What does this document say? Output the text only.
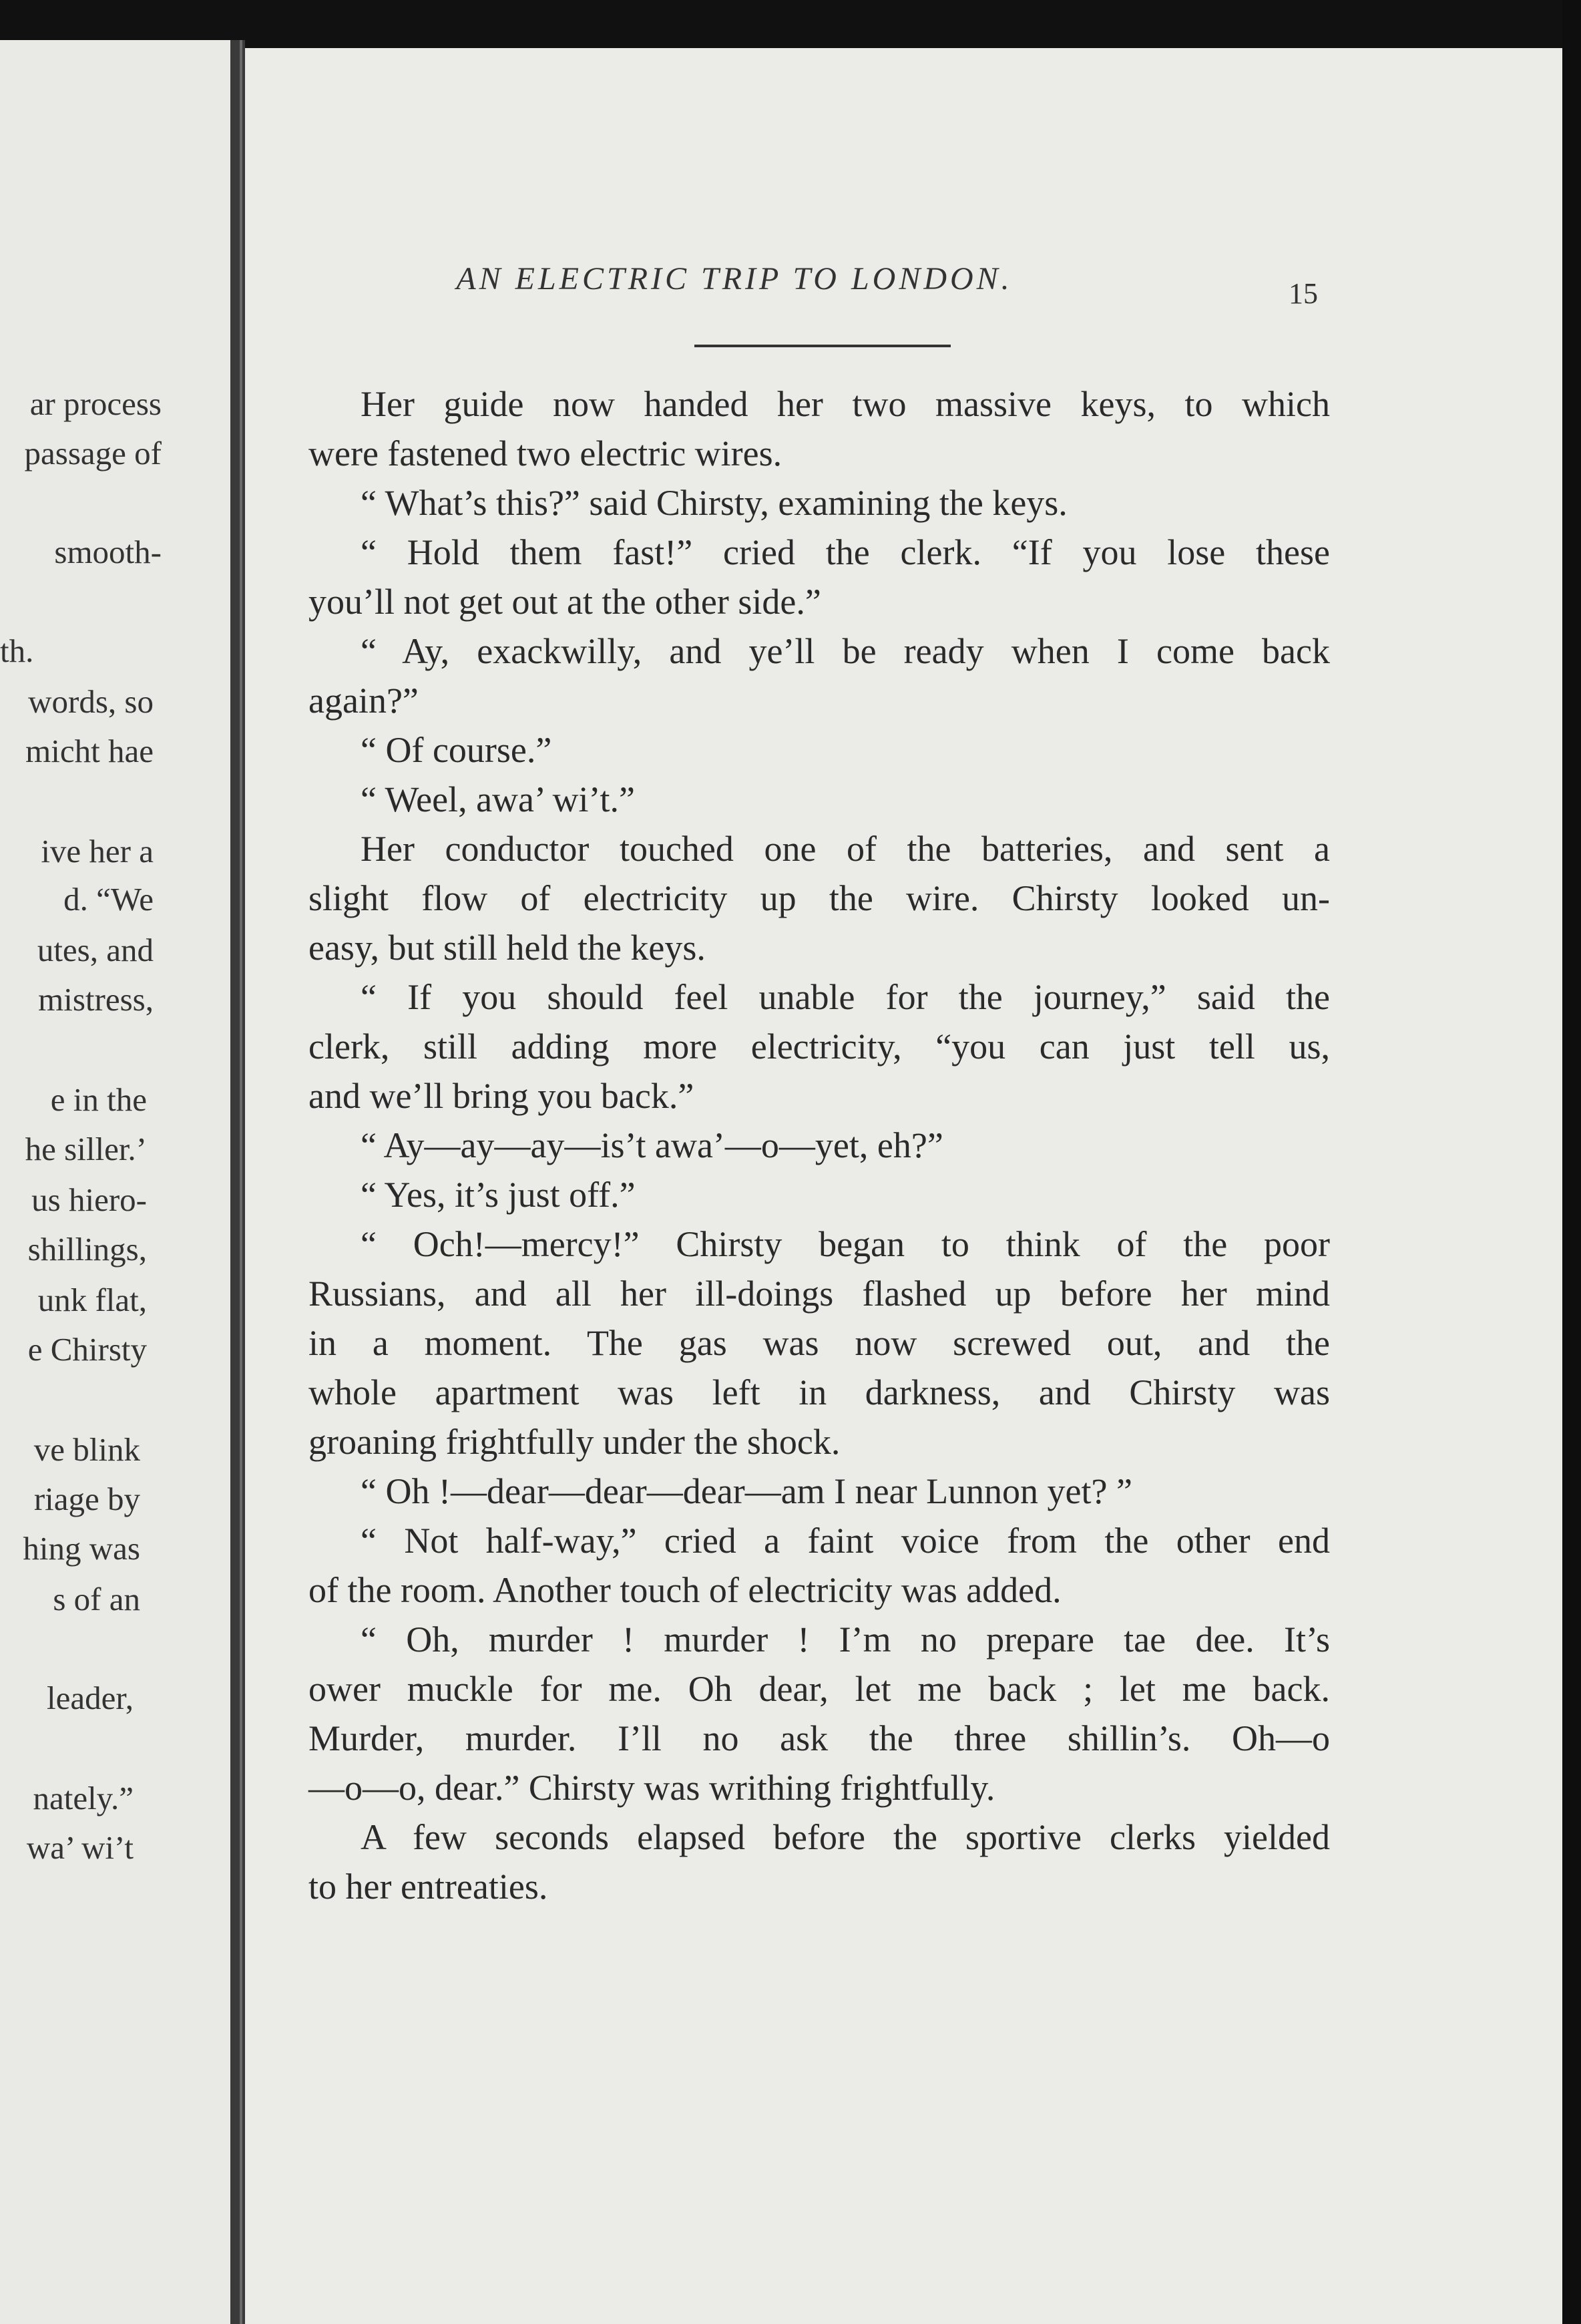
ar process
passage of
smooth-
th.
words, so
micht hae
ive her a
d. “We
utes, and
mistress,
e in the
he siller.’
us hiero-
shillings,
unk flat,
e Chirsty
ve blink
riage by
hing was
s of an
leader,
nately.”
wa’ wi’t
AN ELECTRIC TRIP TO LONDON.	15
Her guide now handed her two massive keys, to which
were fastened two electric wires.
“ What’s this?” said Chirsty, examining the keys.
“ Hold them fast!” cried the clerk. “If you lose these
you’ll not get out at the other side.”
“ Ay, exackwilly, and ye’ll be ready when I come back
again?”
“ Of course.”
“ Weel, awa’ wi’t.”
Her conductor touched one of the batteries, and sent a
slight flow of electricity up the wire. Chirsty looked un-
easy, but still held the keys.
“ If you should feel unable for the journey,” said the
clerk, still adding more electricity, “you can just tell us,
and we’ll bring you back.”
“ Ay—ay—ay—is’t awa’—o—yet, eh?”
“ Yes, it’s just off.”
“ Och!—mercy!” Chirsty began to think of the poor
Russians, and all her ill-doings flashed up before her mind
in a moment. The gas was now screwed out, and the
whole apartment was left in darkness, and Chirsty was
groaning frightfully under the shock.
“ Oh !—dear—dear—dear—am I near Lunnon yet? ”
“ Not half-way,” cried a faint voice from the other end
of the room. Another touch of electricity was added.
“ Oh, murder ! murder ! I’m no prepare tae dee. It’s
ower muckle for me. Oh dear, let me back ; let me back.
Murder, murder. I’ll no ask the three shillin’s. Oh—o
—o—o, dear.” Chirsty was writhing frightfully.
A few seconds elapsed before the sportive clerks yielded
to her entreaties.
